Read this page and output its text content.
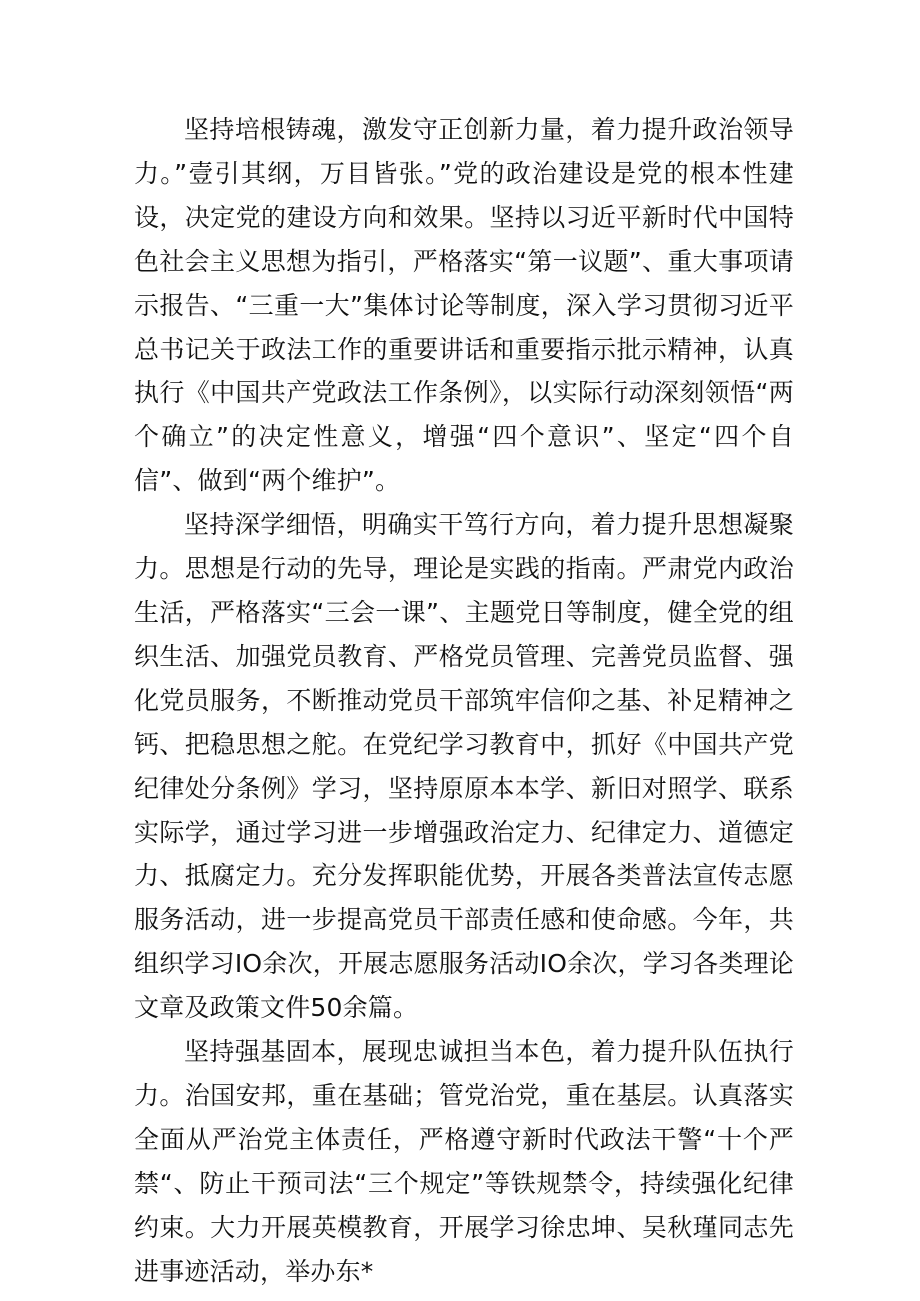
坚持培根铸魂，激发守正创新力量，着力提升政治领导力。”壹引其纲，万目皆张。”党的政治建设是党的根本性建设，决定党的建设方向和效果。坚持以习近平新时代中国特色社会主义思想为指引，严格落实“第一议题”、重大事项请示报告、“三重一大”集体讨论等制度，深入学习贯彻习近平总书记关于政法工作的重要讲话和重要指示批示精神，认真执行《中国共产党政法工作条例》，以实际行动深刻领悟“两个确立”的决定性意义，增强“四个意识”、坚定“四个自信”、做到“两个维护”。

坚持深学细悟，明确实干笃行方向，着力提升思想凝聚力。思想是行动的先导，理论是实践的指南。严肃党内政治生活，严格落实“三会一课”、主题党日等制度，健全党的组织生活、加强党员教育、严格党员管理、完善党员监督、强化党员服务，不断推动党员干部筑牢信仰之基、补足精神之钙、把稳思想之舵。在党纪学习教育中，抓好《中国共产党纪律处分条例》学习，坚持原原本本学、新旧对照学、联系实际学，通过学习进一步增强政治定力、纪律定力、道德定力、抵腐定力。充分发挥职能优势，开展各类普法宣传志愿服务活动，进一步提高党员干部责任感和使命感。今年，共组织学习IO余次，开展志愿服务活动IO余次，学习各类理论文章及政策文件50余篇。

坚持强基固本，展现忠诚担当本色，着力提升队伍执行力。治国安邦，重在基础；管党治党，重在基层。认真落实全面从严治党主体责任，严格遵守新时代政法干警“十个严禁“、防止干预司法“三个规定”等铁规禁令，持续强化纪律约束。大力开展英模教育，开展学习徐忠坤、吴秋瑾同志先进事迹活动，举办东*
